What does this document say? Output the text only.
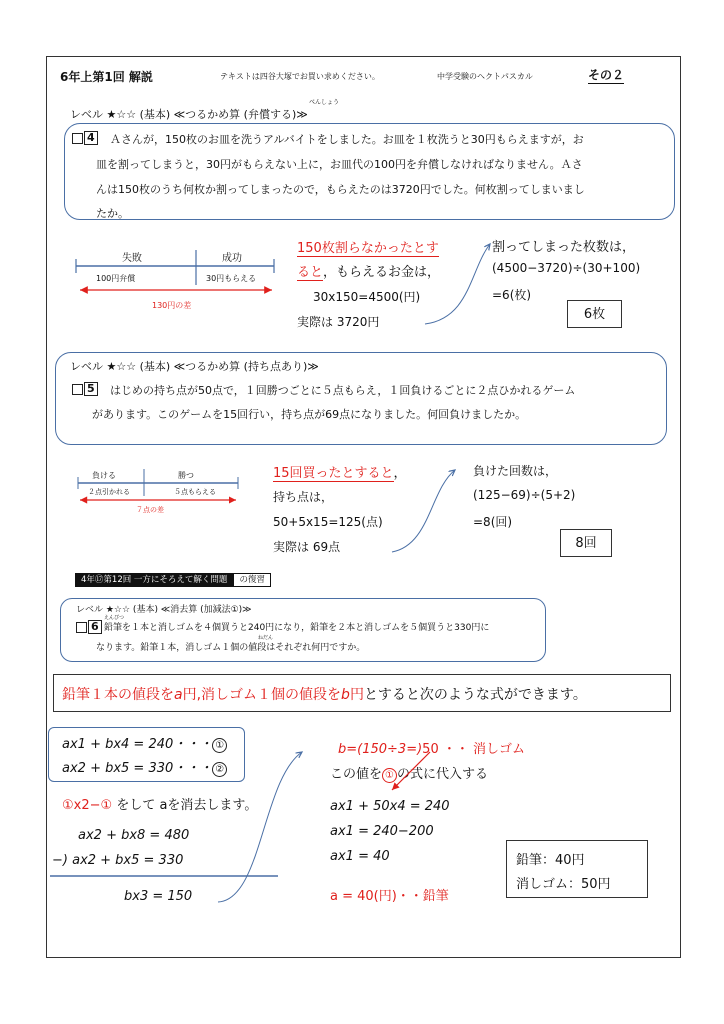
6年上第1回 解説	テキストは四谷大塚でお買い求めください。	中学受験のヘクトパスカル	その２
レベル ★☆☆ (基本) ≪つるかめ算 (弁償する)≫
べんしょう
4	Ａさんが，150枚のお皿を洗うアルバイトをしました。お皿を１枚洗うと30円もらえますが，お
皿を割ってしまうと，30円がもらえない上に，お皿代の100円を弁償しなければなりません。Ａさ
んは150枚のうち何枚か割ってしまったので，もらえたのは3720円でした。何枚割ってしまいまし
たか。
失敗	成功
100円弁償	30円もらえる
130円の差
150枚割らなかったとす
ると，もらえるお金は，
30x150=4500(円)
実際は 3720円
割ってしまった枚数は，
(4500−3720)÷(30+100)
=6(枚)
6枚
レベル ★☆☆ (基本) ≪つるかめ算 (持ち点あり)≫
5	はじめの持ち点が50点で，１回勝つごとに５点もらえ，１回負けるごとに２点ひかれるゲーム
があります。このゲームを15回行い，持ち点が69点になりました。何回負けましたか。
負ける	勝つ
２点引かれる	５点もらえる
７点の差
15回買ったとすると，
持ち点は，
50+5x15=125(点)
実際は 69点
負けた回数は，
(125−69)÷(5+2)
=8(回)
8回
4年⑰第12回 一方にそろえて解く問題 の復習
レベル ★☆☆ (基本) ≪消去算 (加減法①)≫
えんぴつ
ねだん
6 鉛筆を１本と消しゴムを４個買うと240円になり，鉛筆を２本と消しゴムを５個買うと330円に
なります。鉛筆１本，消しゴム１個の値段はそれぞれ何円ですか。
鉛筆１本の値段をa円,消しゴム１個の値段をb円とすると次のような式ができます。
ax1 + bx4 = 240・・・ ①
ax2 + bx5 = 330・・・ ②
①x2−① をして aを消去します。
ax2 + bx8 = 480
−) ax2 + bx5 = 330
bx3 = 150
b=(150÷3=)50 ・・ 消しゴム
この値を ① の式に代入する
ax1 + 50x4 = 240
ax1 = 240−200
ax1 = 40
a = 40(円)・・鉛筆
鉛筆：40円
消しゴム：50円
